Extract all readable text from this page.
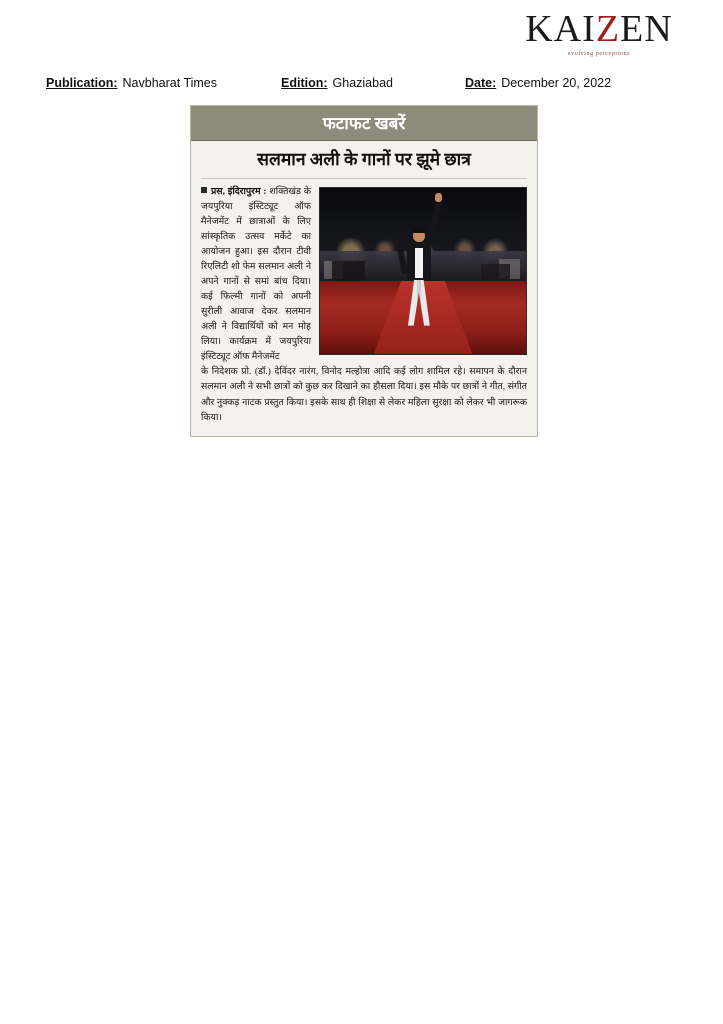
KAIZEN
evolving perceptions
Publication: Navbharat Times	Edition: Ghaziabad	Date: December 20, 2022
फटाफट खबरें
सलमान अली के गानों पर झूमे छात्र

प्रस, इंदिरापुरम : शक्तिखंड के जयपुरिया इंस्टिट्यूट ऑफ मैनेजमेंट में छात्राओं के लिए सांस्कृतिक उत्सव मर्केटे का आयोजन हुआ। इस दौरान टीवी रिएलिटी शो फेम सलमान अली ने अपने गानों से समां बांध दिया। कई फिल्मी गानों को अपनी सुरीली आवाज देकर सलमान अली ने विद्यार्थियों को मन मोह लिया। कार्यक्रम में जयपुरिया इंस्टिट्यूट ऑफ मैनेजमेंट

के निदेशक प्रो. (डॉ.) देविंदर नारंग, विनोद मल्होत्रा आदि कई लोग शामिल रहे। समापन के दौरान सलमान अली ने सभी छात्रों को कुछ कर दिखाने का हौसला दिया। इस मौके पर छात्रों ने गीत, संगीत और नुक्कड़ नाटक प्रस्तुत किया। इसके साथ ही शिक्षा से लेकर महिला सुरक्षा को लेकर भी जागरूक किया।
